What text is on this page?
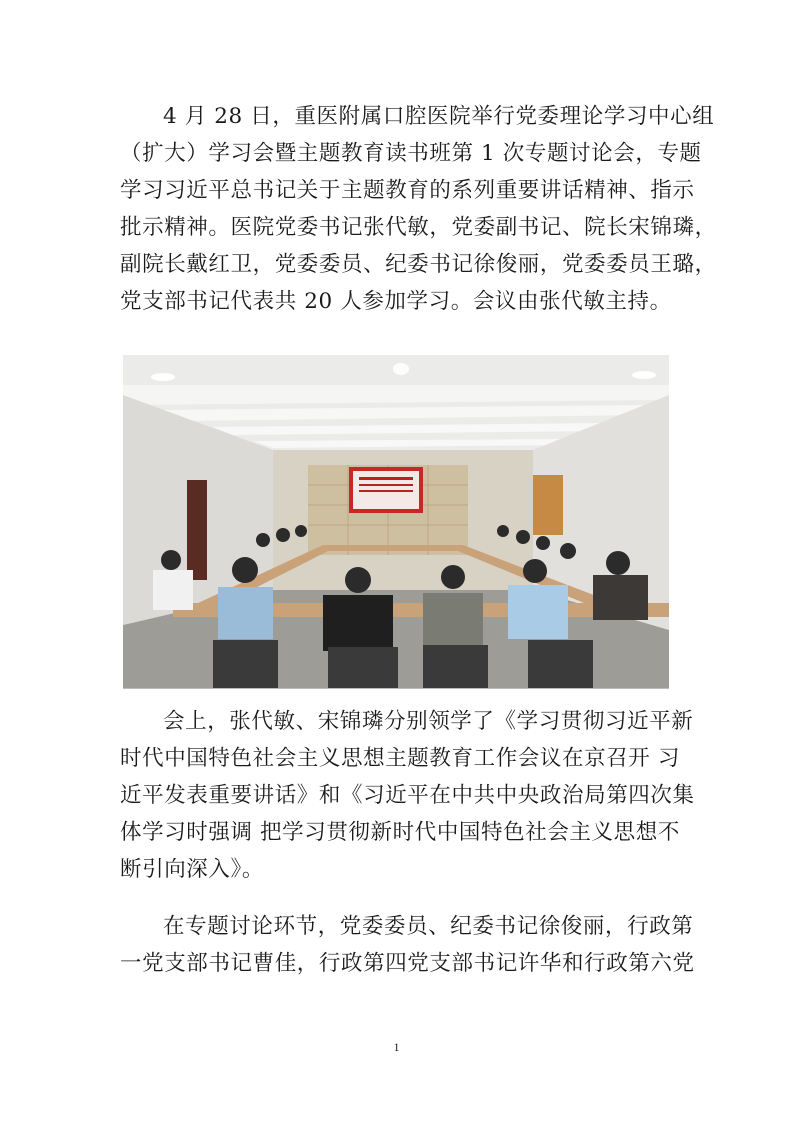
4 月 28 日，重医附属口腔医院举行党委理论学习中心组
（扩大）学习会暨主题教育读书班第 1 次专题讨论会，专题
学习习近平总书记关于主题教育的系列重要讲话精神、指示
批示精神。医院党委书记张代敏，党委副书记、院长宋锦璘，
副院长戴红卫，党委委员、纪委书记徐俊丽，党委委员王璐，
党支部书记代表共 20 人参加学习。会议由张代敏主持。
会上，张代敏、宋锦璘分别领学了《学习贯彻习近平新
时代中国特色社会主义思想主题教育工作会议在京召开 习
近平发表重要讲话》和《习近平在中共中央政治局第四次集
体学习时强调 把学习贯彻新时代中国特色社会主义思想不
断引向深入》。
在专题讨论环节，党委委员、纪委书记徐俊丽，行政第
一党支部书记曹佳，行政第四党支部书记许华和行政第六党
1
